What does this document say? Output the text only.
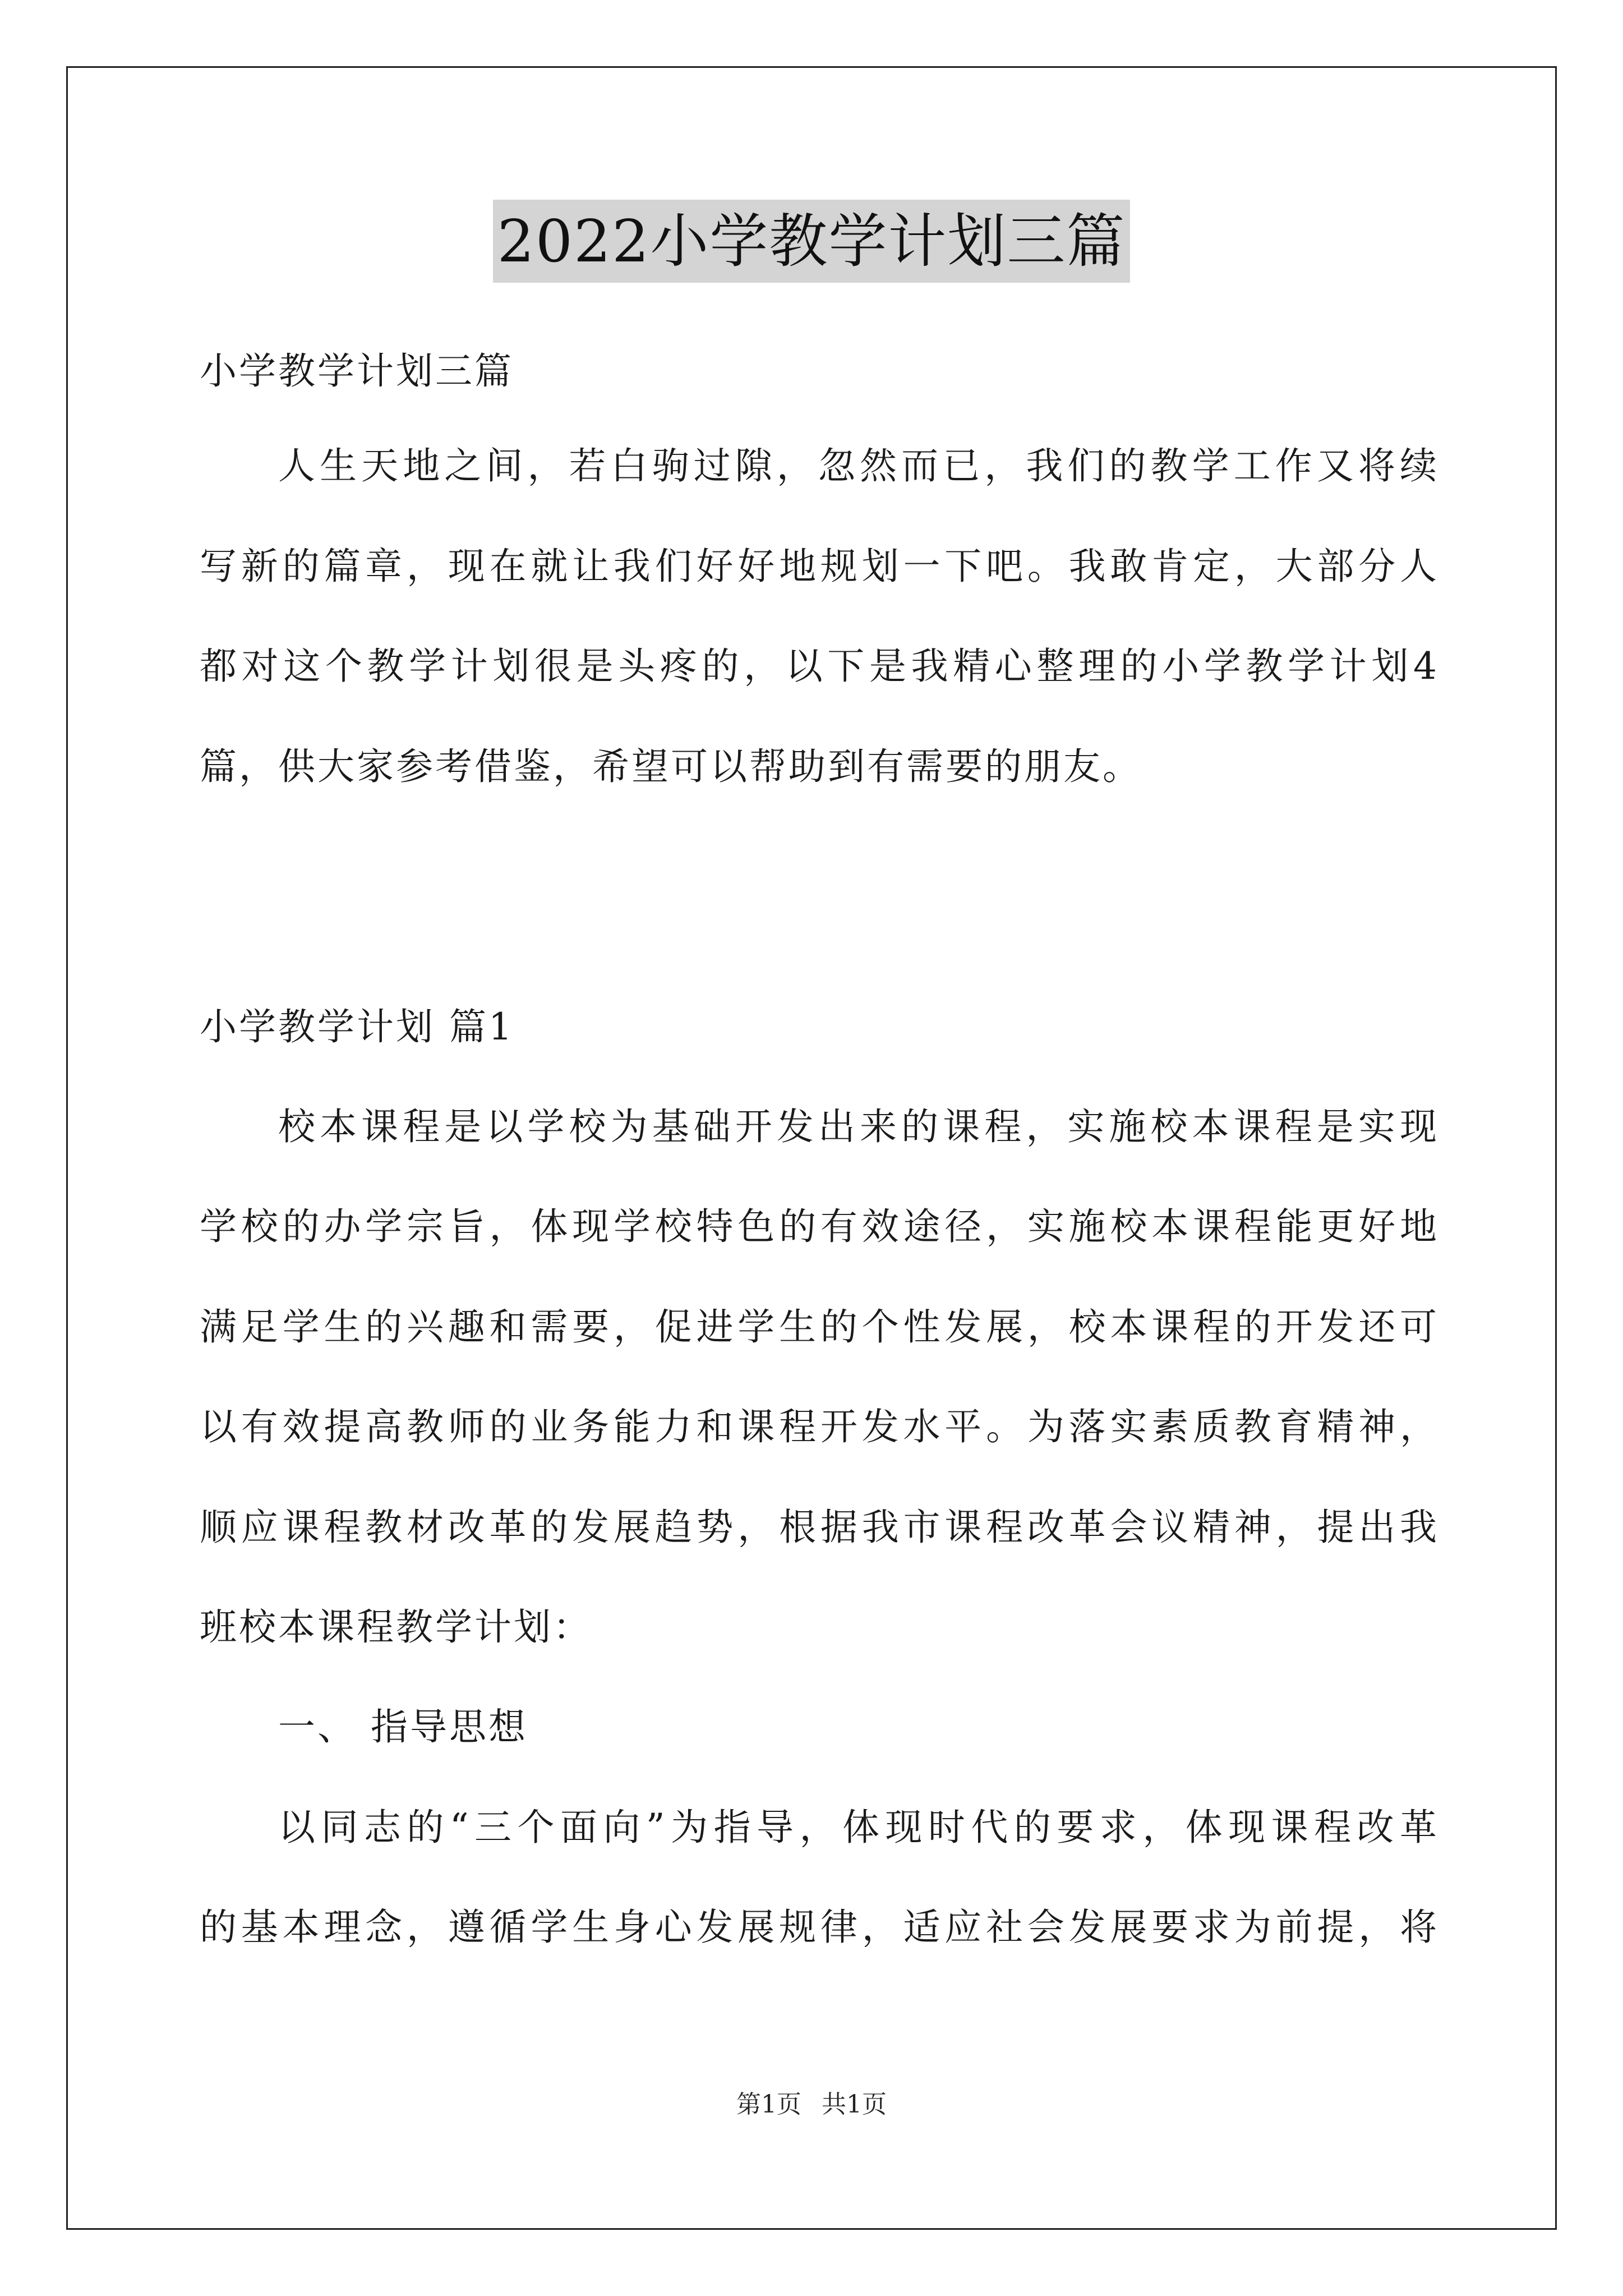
2022小学教学计划三篇
小学教学计划三篇
人生天地之间，若白驹过隙，忽然而已，我们的教学工作又将续
写新的篇章，现在就让我们好好地规划一下吧。我敢肯定，大部分人
都对这个教学计划很是头疼的，以下是我精心整理的小学教学计划4
篇，供大家参考借鉴，希望可以帮助到有需要的朋友。
小学教学计划 篇1
校本课程是以学校为基础开发出来的课程，实施校本课程是实现
学校的办学宗旨，体现学校特色的有效途径，实施校本课程能更好地
满足学生的兴趣和需要，促进学生的个性发展，校本课程的开发还可
以有效提高教师的业务能力和课程开发水平。为落实素质教育精神，
顺应课程教材改革的发展趋势，根据我市课程改革会议精神，提出我
班校本课程教学计划：
一、 指导思想
以同志的“三个面向”为指导，体现时代的要求，体现课程改革
的基本理念，遵循学生身心发展规律，适应社会发展要求为前提，将
第1页 共1页
